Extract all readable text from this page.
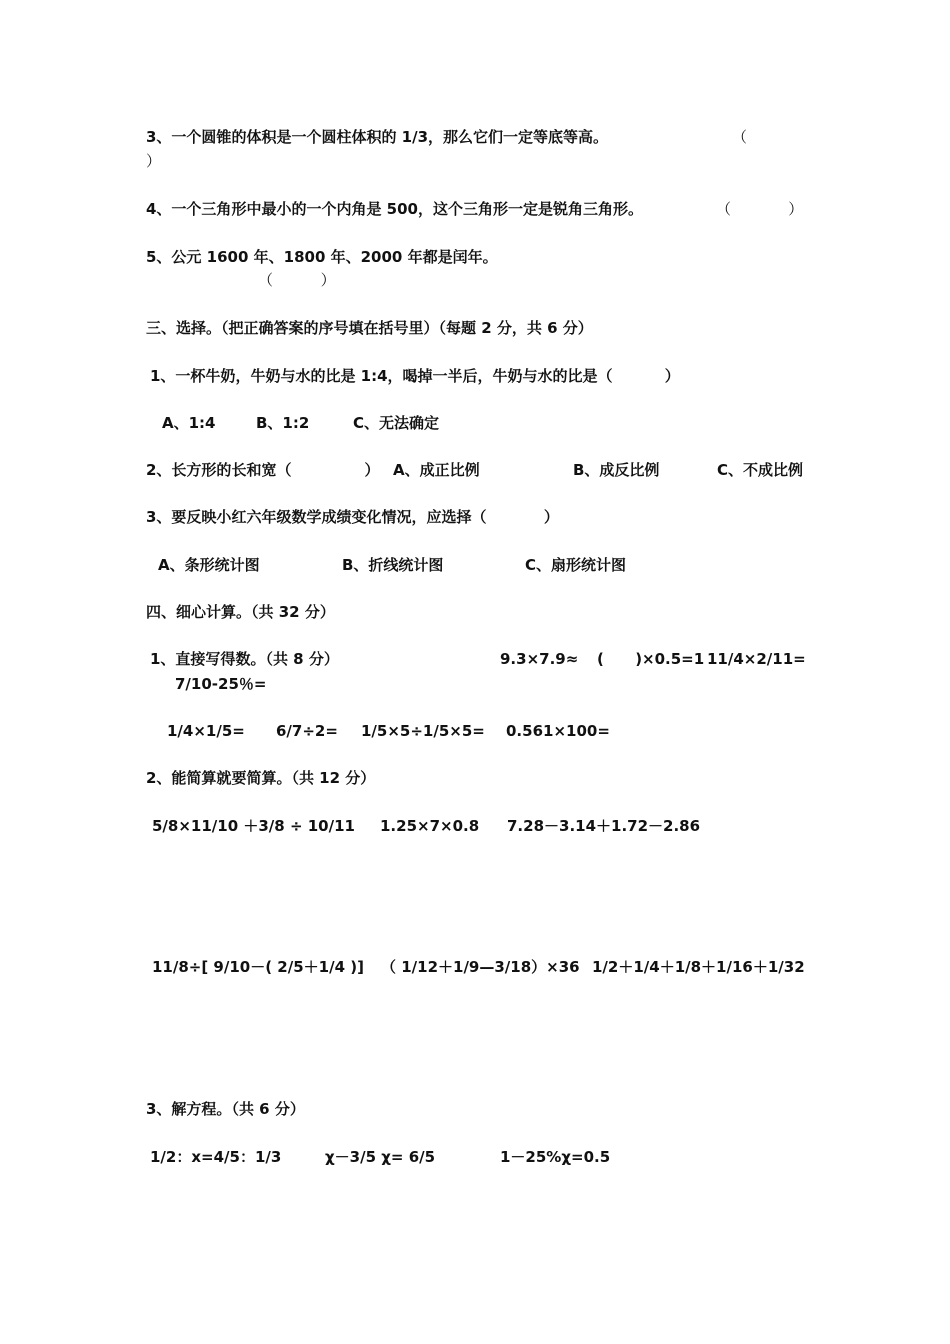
3、一个圆锥的体积是一个圆柱体积的 1/3，那么它们一定等底等高。	（
）
4、一个三角形中最小的一个内角是 500，这个三角形一定是锐角三角形。	（            ）
5、公元 1600 年、1800 年、2000 年都是闰年。
（          ）
三、选择。（把正确答案的序号填在括号里）（每题 2 分，共 6 分）
1、一杯牛奶，牛奶与水的比是 1:4，喝掉一半后，牛奶与水的比是（          ）
A、1:4	B、1:2	C、无法确定
2、长方形的长和宽（              ） A、成正比例	B、成反比例	C、不成比例
3、要反映小红六年级数学成绩变化情况，应选择（           ）
A、条形统计图	B、折线统计图	C、扇形统计图
四、细心计算。（共 32 分）
1、直接写得数。（共 8 分）	9.3×7.9≈ (      )×0.5=1 11/4×2/11=
7/10-25％=
1/4×1/5= 6/7÷2= 1/5×5÷1/5×5= 0.561×100=
2、能简算就要简算。（共 12 分）
5/8×11/10 ＋3/8 ÷ 10/11 1.25×7×0.8 7.28－3.14＋1.72－2.86
11/8÷[ 9/10－( 2/5＋1/4 )] （ 1/12＋1/9—3/18）×36 1/2＋1/4＋1/8＋1/16＋1/32
3、解方程。（共 6 分）
1/2：x=4/5：1/3	χ－3/5 χ= 6/5	1－25%χ=0.5
